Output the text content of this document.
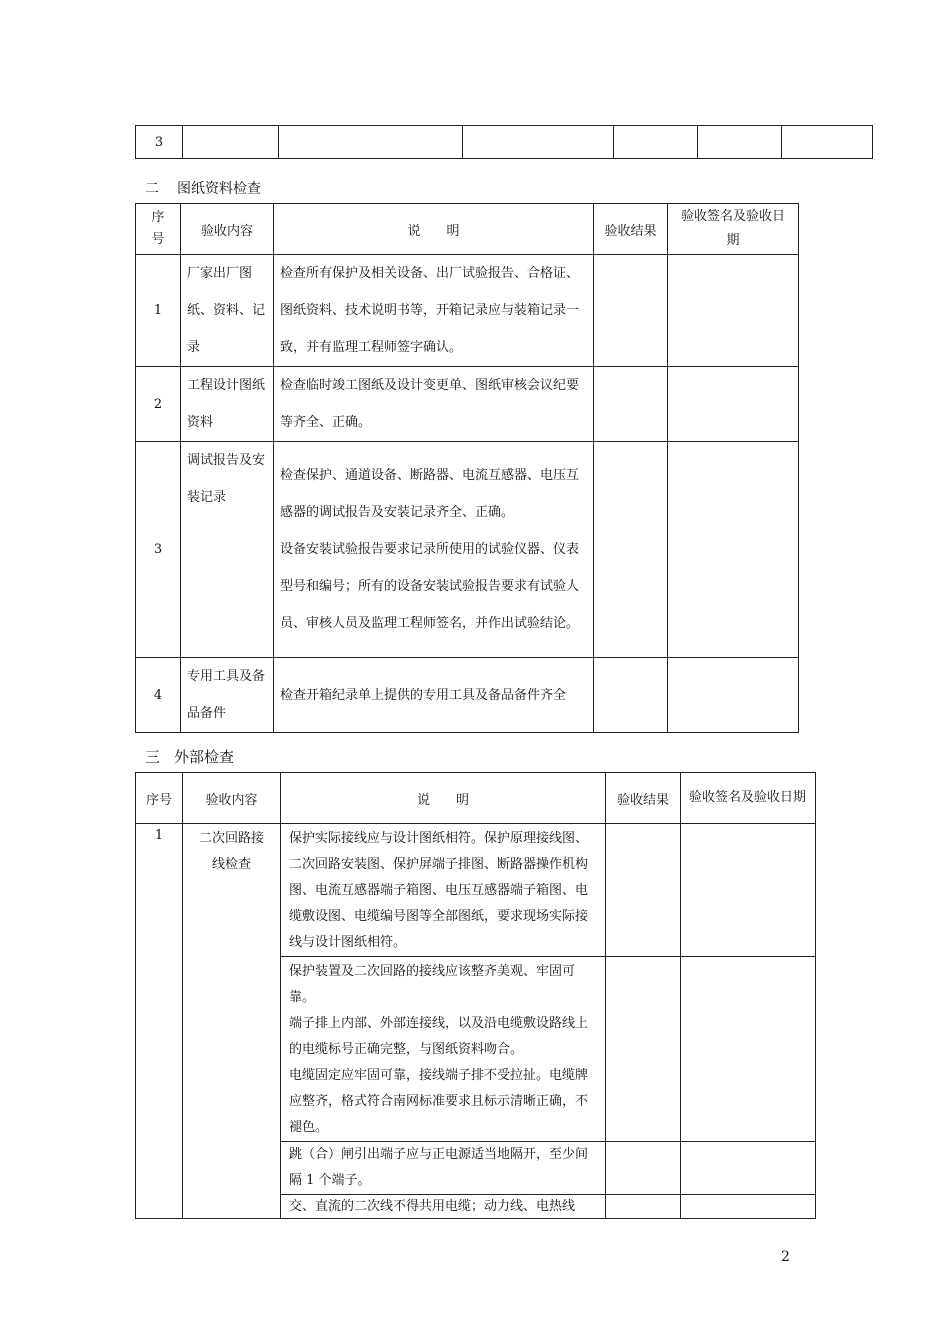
3						
二 图纸资料检查
序号	验收内容	说　　明	验收结果	验收签名及验收日期
1	厂家出厂图纸、资料、记录	检查所有保护及相关设备、出厂试验报告、合格证、图纸资料、技术说明书等，开箱记录应与装箱记录一致，并有监理工程师签字确认。		
2	工程设计图纸资料	检查临时竣工图纸及设计变更单、图纸审核会议纪要等齐全、正确。		
3	调试报告及安装记录	检查保护、通道设备、断路器、电流互感器、电压互感器的调试报告及安装记录齐全、正确。
设备安装试验报告要求记录所使用的试验仪器、仪表型号和编号；所有的设备安装试验报告要求有试验人员、审核人员及监理工程师签名，并作出试验结论。		

4	专用工具及备品备件	检查开箱纪录单上提供的专用工具及备品备件齐全		
三 外部检查
序号	验收内容	说　　明	验收结果	验收签名及验收日期
1	二次回路接线检查	保护实际接线应与设计图纸相符。保护原理接线图、二次回路安装图、保护屏端子排图、断路器操作机构图、电流互感器端子箱图、电压互感器端子箱图、电缆敷设图、电缆编号图等全部图纸，要求现场实际接线与设计图纸相符。		

		保护装置及二次回路的接线应该整齐美观、牢固可靠。
端子排上内部、外部连接线，以及沿电缆敷设路线上的电缆标号正确完整，与图纸资料吻合。
电缆固定应牢固可靠，接线端子排不受拉扯。电缆牌应整齐，格式符合南网标准要求且标示清晰正确，不褪色。		

		跳（合）闸引出端子应与正电源适当地隔开，至少间隔 1 个端子。		
		交、直流的二次线不得共用电缆；动力线、电热线		
2
